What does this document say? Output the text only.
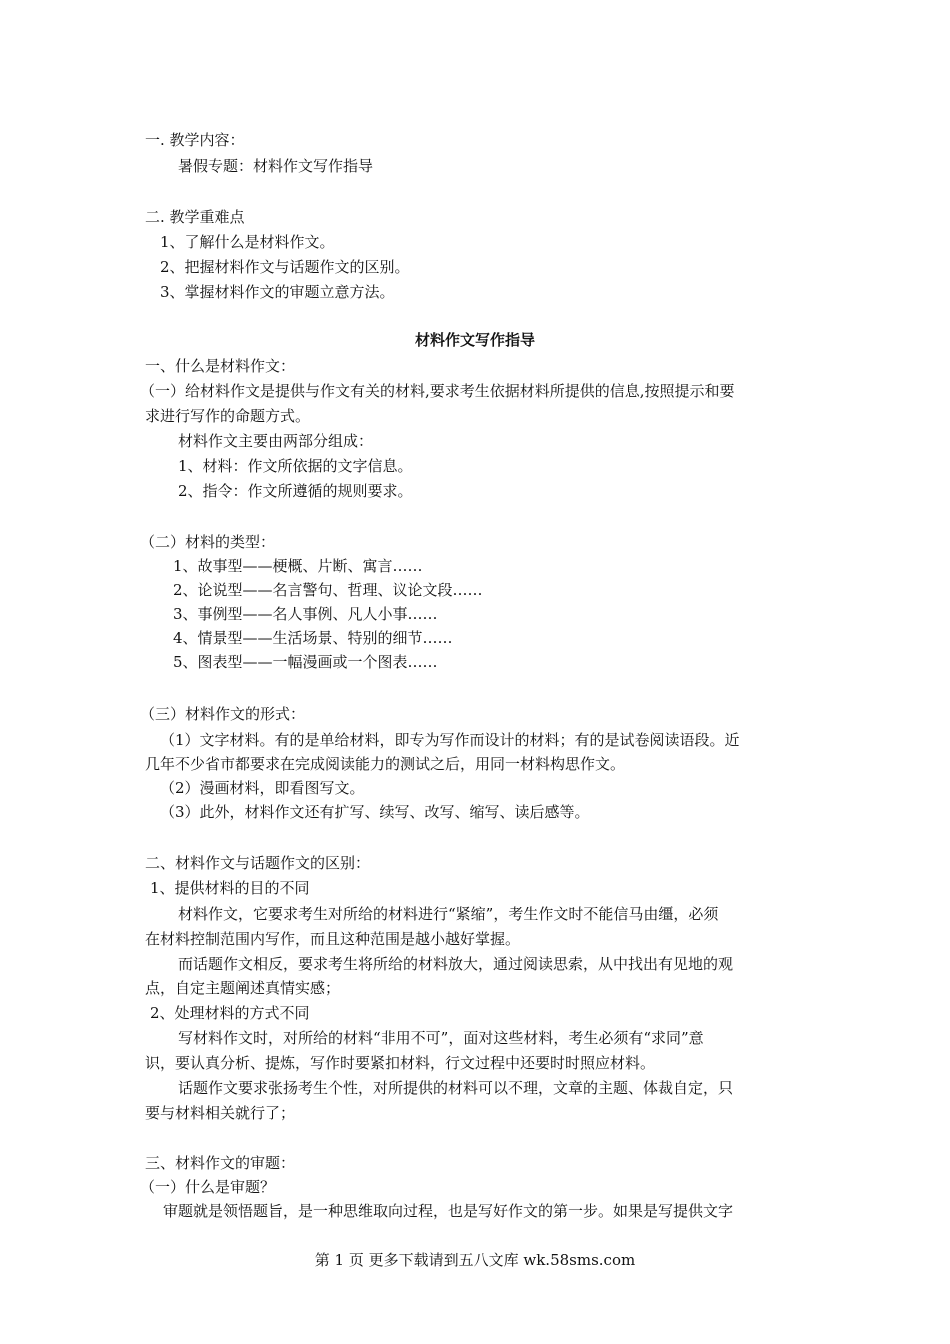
一. 教学内容：
暑假专题：材料作文写作指导
二. 教学重难点
1、了解什么是材料作文。
2、把握材料作文与话题作文的区别。
3、掌握材料作文的审题立意方法。
材料作文写作指导
一、什么是材料作文：
（一）给材料作文是提供与作文有关的材料,要求考生依据材料所提供的信息,按照提示和要
求进行写作的命题方式。
材料作文主要由两部分组成：
1、材料：作文所依据的文字信息。
2、指令：作文所遵循的规则要求。
（二）材料的类型：
1、故事型——梗概、片断、寓言……
2、论说型——名言警句、哲理、议论文段……
3、事例型——名人事例、凡人小事……
4、情景型——生活场景、特别的细节……
5、图表型——一幅漫画或一个图表……
（三）材料作文的形式：
（1）文字材料。有的是单给材料，即专为写作而设计的材料；有的是试卷阅读语段。近
几年不少省市都要求在完成阅读能力的测试之后，用同一材料构思作文。
（2）漫画材料，即看图写文。
（3）此外，材料作文还有扩写、续写、改写、缩写、读后感等。
二、材料作文与话题作文的区别：
1、提供材料的目的不同
材料作文，它要求考生对所给的材料进行“紧缩”，考生作文时不能信马由缰，必须
在材料控制范围内写作，而且这种范围是越小越好掌握。
而话题作文相反，要求考生将所给的材料放大，通过阅读思索，从中找出有见地的观
点，自定主题阐述真情实感；
2、处理材料的方式不同
写材料作文时，对所给的材料“非用不可”，面对这些材料，考生必须有“求同”意
识，要认真分析、提炼，写作时要紧扣材料，行文过程中还要时时照应材料。
话题作文要求张扬考生个性，对所提供的材料可以不理，文章的主题、体裁自定，只
要与材料相关就行了；
三、材料作文的审题：
（一）什么是审题？
审题就是领悟题旨，是一种思维取向过程，也是写好作文的第一步。如果是写提供文字
第 1 页 更多下载请到五八文库 wk.58sms.com
